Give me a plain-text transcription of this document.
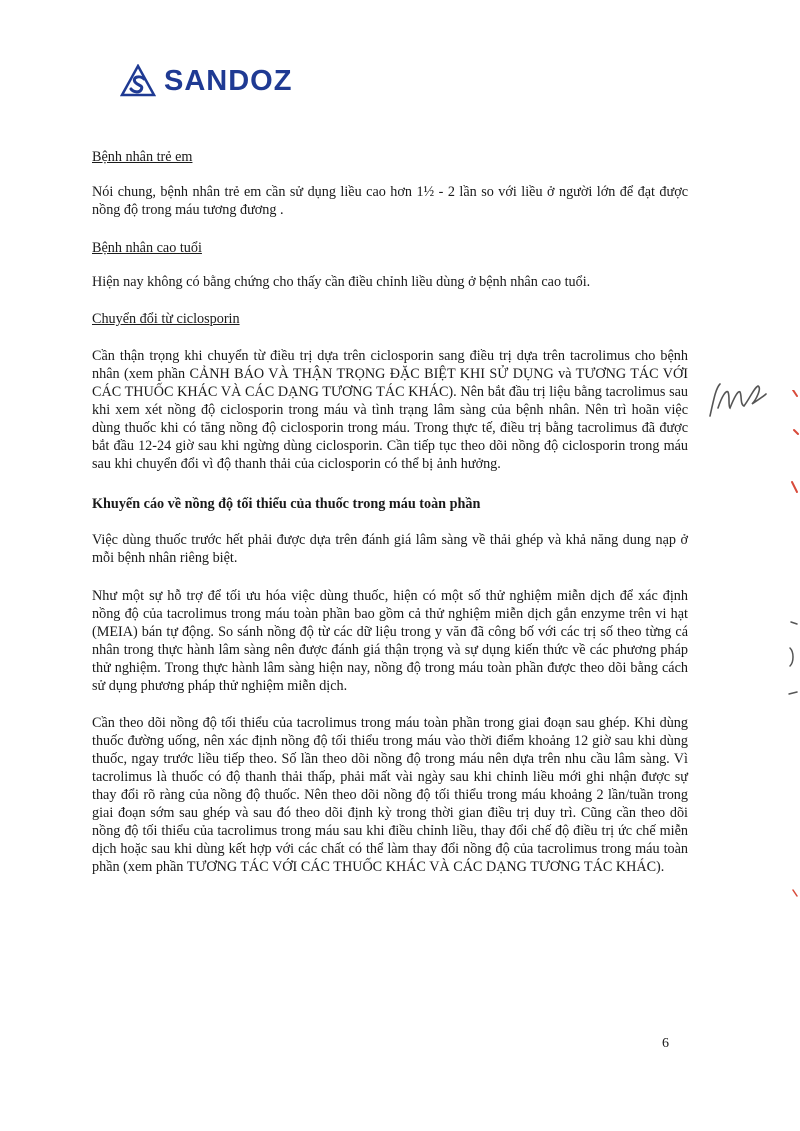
SANDOZ

Bệnh nhân trẻ em

Nói chung, bệnh nhân trẻ em cần sử dụng liều cao hơn 1½ - 2 lần so với liều ở người lớn để đạt được nồng độ trong máu tương đương .

Bệnh nhân cao tuổi

Hiện nay không có bằng chứng cho thấy cần điều chỉnh liều dùng ở bệnh nhân cao tuổi.

Chuyển đổi từ ciclosporin

Cần thận trọng khi chuyển từ điều trị dựa trên ciclosporin sang điều trị dựa trên tacrolimus cho bệnh nhân (xem phần CẢNH BÁO VÀ THẬN TRỌNG ĐẶC BIỆT KHI SỬ DỤNG và TƯƠNG TÁC VỚI CÁC THUỐC KHÁC VÀ CÁC DẠNG TƯƠNG TÁC KHÁC). Nên bắt đầu trị liệu bằng tacrolimus sau khi xem xét nồng độ ciclosporin trong máu và tình trạng lâm sàng của bệnh nhân. Nên trì hoãn việc dùng thuốc khi có tăng nồng độ ciclosporin trong máu. Trong thực tế, điều trị bằng tacrolimus đã được bắt đầu 12-24 giờ sau khi ngừng dùng ciclosporin. Cần tiếp tục theo dõi nồng độ ciclosporin trong máu sau khi chuyển đổi vì độ thanh thải của ciclosporin có thể bị ảnh hưởng.

Khuyến cáo về nồng độ tối thiểu của thuốc trong máu toàn phần

Việc dùng thuốc trước hết phải được dựa trên đánh giá lâm sàng về thải ghép và khả năng dung nạp ở mỗi bệnh nhân riêng biệt.

Như một sự hỗ trợ để tối ưu hóa việc dùng thuốc, hiện có một số thử nghiệm miễn dịch để xác định nồng độ của tacrolimus trong máu toàn phần bao gồm cả thử nghiệm miễn dịch gắn enzyme trên vi hạt (MEIA) bán tự động. So sánh nồng độ từ các dữ liệu trong y văn đã công bố với các trị số theo từng cá nhân trong thực hành lâm sàng nên được đánh giá thận trọng và sự dụng kiến thức về các phương pháp thử nghiệm. Trong thực hành lâm sàng hiện nay, nồng độ trong máu toàn phần được theo dõi bằng cách sử dụng phương pháp thử nghiệm miễn dịch.

Cần theo dõi nồng độ tối thiểu của tacrolimus trong máu toàn phần trong giai đoạn sau ghép. Khi dùng thuốc đường uống, nên xác định nồng độ tối thiểu trong máu vào thời điểm khoảng 12 giờ sau khi dùng thuốc, ngay trước liều tiếp theo. Số lần theo dõi nồng độ trong máu nên dựa trên nhu cầu lâm sàng. Vì tacrolimus là thuốc có độ thanh thải thấp, phải mất vài ngày sau khi chỉnh liều mới ghi nhận được sự thay đổi rõ ràng của nồng độ thuốc. Nên theo dõi nồng độ tối thiểu trong máu khoảng 2 lần/tuần trong giai đoạn sớm sau ghép và sau đó theo dõi định kỳ trong thời gian điều trị duy trì. Cũng cần theo dõi nồng độ tối thiểu của tacrolimus trong máu sau khi điều chỉnh liều, thay đổi chế độ điều trị ức chế miễn dịch hoặc sau khi dùng kết hợp với các chất có thể làm thay đổi nồng độ của tacrolimus trong máu toàn phần (xem phần TƯƠNG TÁC VỚI CÁC THUỐC KHÁC VÀ CÁC DẠNG TƯƠNG TÁC KHÁC).

6
